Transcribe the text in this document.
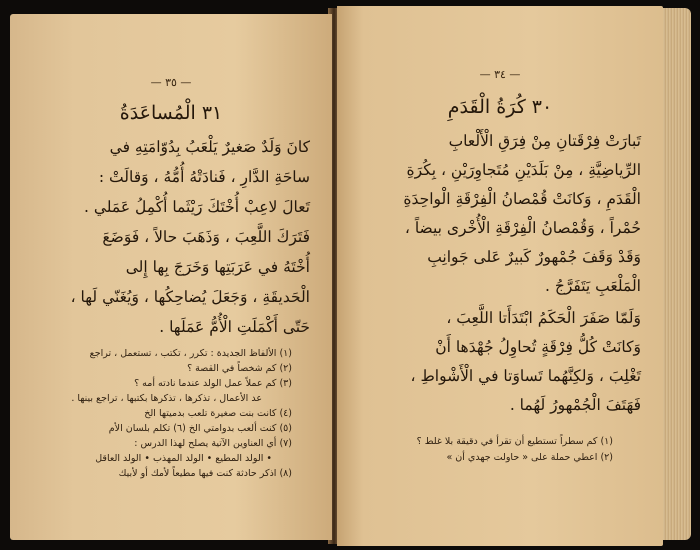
— ٣٥ —
٣١ الْمُساعَدَةُ
كانَ وَلَدٌ صَغيرٌ يَلْعَبُ بِدُوّامَتِهِ في
ساحَةِ الدَّارِ ، فَنادَتْهُ أُمُّهُ ، وَقالَتْ :
تَعالَ لاعِبْ أُخْتَكَ رَيْثَما أُكْمِلُ عَمَلي .
فَتَرَكَ اللَّعِبَ ، وَذَهَبَ حالاً ، فَوَضَعَ
أُخْتَهُ في عَرَبَتِها وَخَرَجَ بِها إِلى
الْحَديقَةِ ، وَجَعَلَ يُضاحِكُها ، وَيُغَنّي لَها ،
حَتّى أَكْمَلَتِ الْأُمُّ عَمَلَها .
(١) الألفاظ الجديدة : تكرر ، تكتب ، تستعمل ، تراجع
(٢) كم شخصاً في القصة ؟
(٣) كم عملاً عمل الولد عندما نادته أمه ؟
عد الأعمال ، تذكرها ، تذكرها بكتبها ، تراجع بينها .
(٤) كانت بنت صغيرة تلعب بدميتها الخ
(٥) كنت ألعب بدوامتي الخ (٦) تكلم بلسان الأم
(٧) أي العناوين الآتية يصلح لهذا الدرس :
• الولد المطيع • الولد المهذب • الولد العاقل
(٨) اذكر حادثة كنت فيها مطيعاً لأمك أو لأبيك
— ٣٤ —
٣٠ كُرَةُ الْقَدَمِ
تَبارَتْ فِرْقَتانِ مِنْ فِرَقِ الْأَلْعابِ
الرِّياضِيَّةِ ، مِنْ بَلَدَيْنِ مُتَجاوِرَيْنِ ، بِكُرَةِ
الْقَدَمِ ، وَكانَتْ قُمْصانُ الْفِرْقَةِ الْواحِدَةِ
حُمْراً ، وَقُمْصانُ الْفِرْقَةِ الْأُخْرى بيضاً ،
وَقَدْ وَقَفَ جُمْهورٌ كَبيرٌ عَلى جَوانِبِ
الْمَلْعَبِ يَتَفَرَّجُ .
وَلَمّا صَفَرَ الْحَكَمُ ابْتَدَأَتا اللَّعِبَ ،
وَكانَتْ كُلُّ فِرْقَةٍ تُحاوِلُ جُهْدَها أَنْ
تَغْلِبَ ، وَلكِنَّهُما تَساوَتا في الْأَشْواطِ ،
فَهَتَفَ الْجُمْهورُ لَهُما .
(١) كم سطراً تستطيع أن تقرأ في دقيقة بلا غلط ؟
(٢) اعطي حملة على « حاولت جهدي أن »
